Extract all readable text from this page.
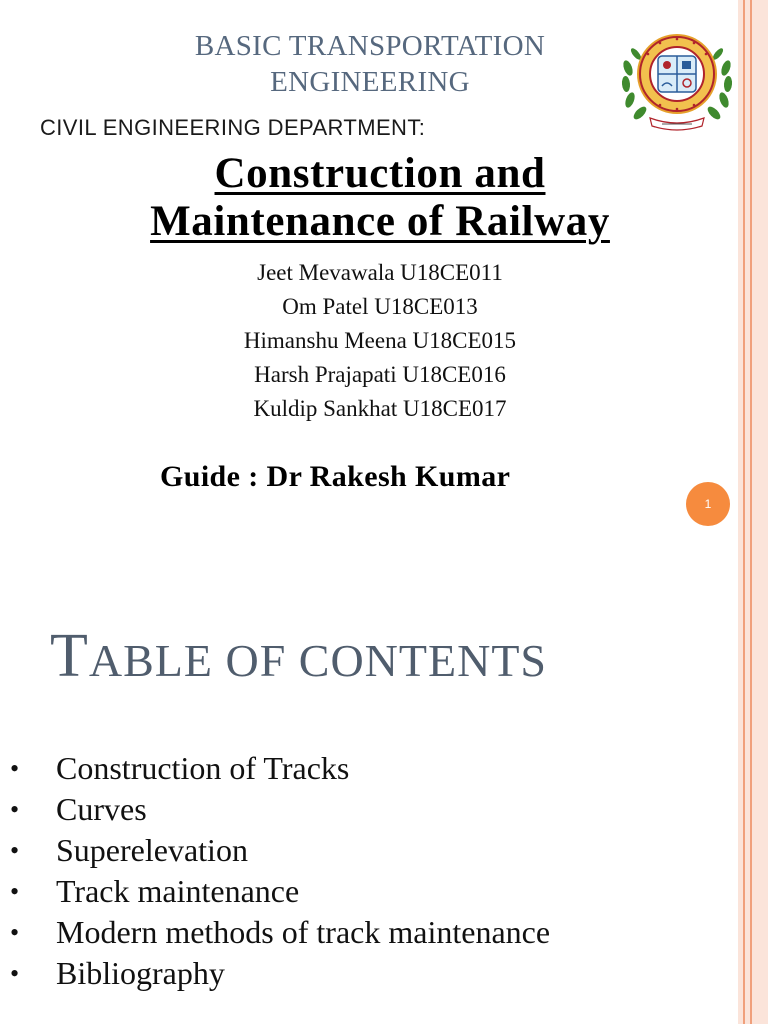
BASIC TRANSPORTATION
ENGINEERING
CIVIL ENGINEERING DEPARTMENT:
Construction and
Maintenance of Railway
Jeet Mevawala U18CE011
Om Patel U18CE013
Himanshu Meena U18CE015
Harsh Prajapati U18CE016
Kuldip Sankhat U18CE017
Guide : Dr Rakesh Kumar
1
TABLE OF CONTENTS
•	Construction of Tracks
•	Curves
•	Superelevation
•	Track maintenance
•	Modern methods of track maintenance
•	Bibliography
